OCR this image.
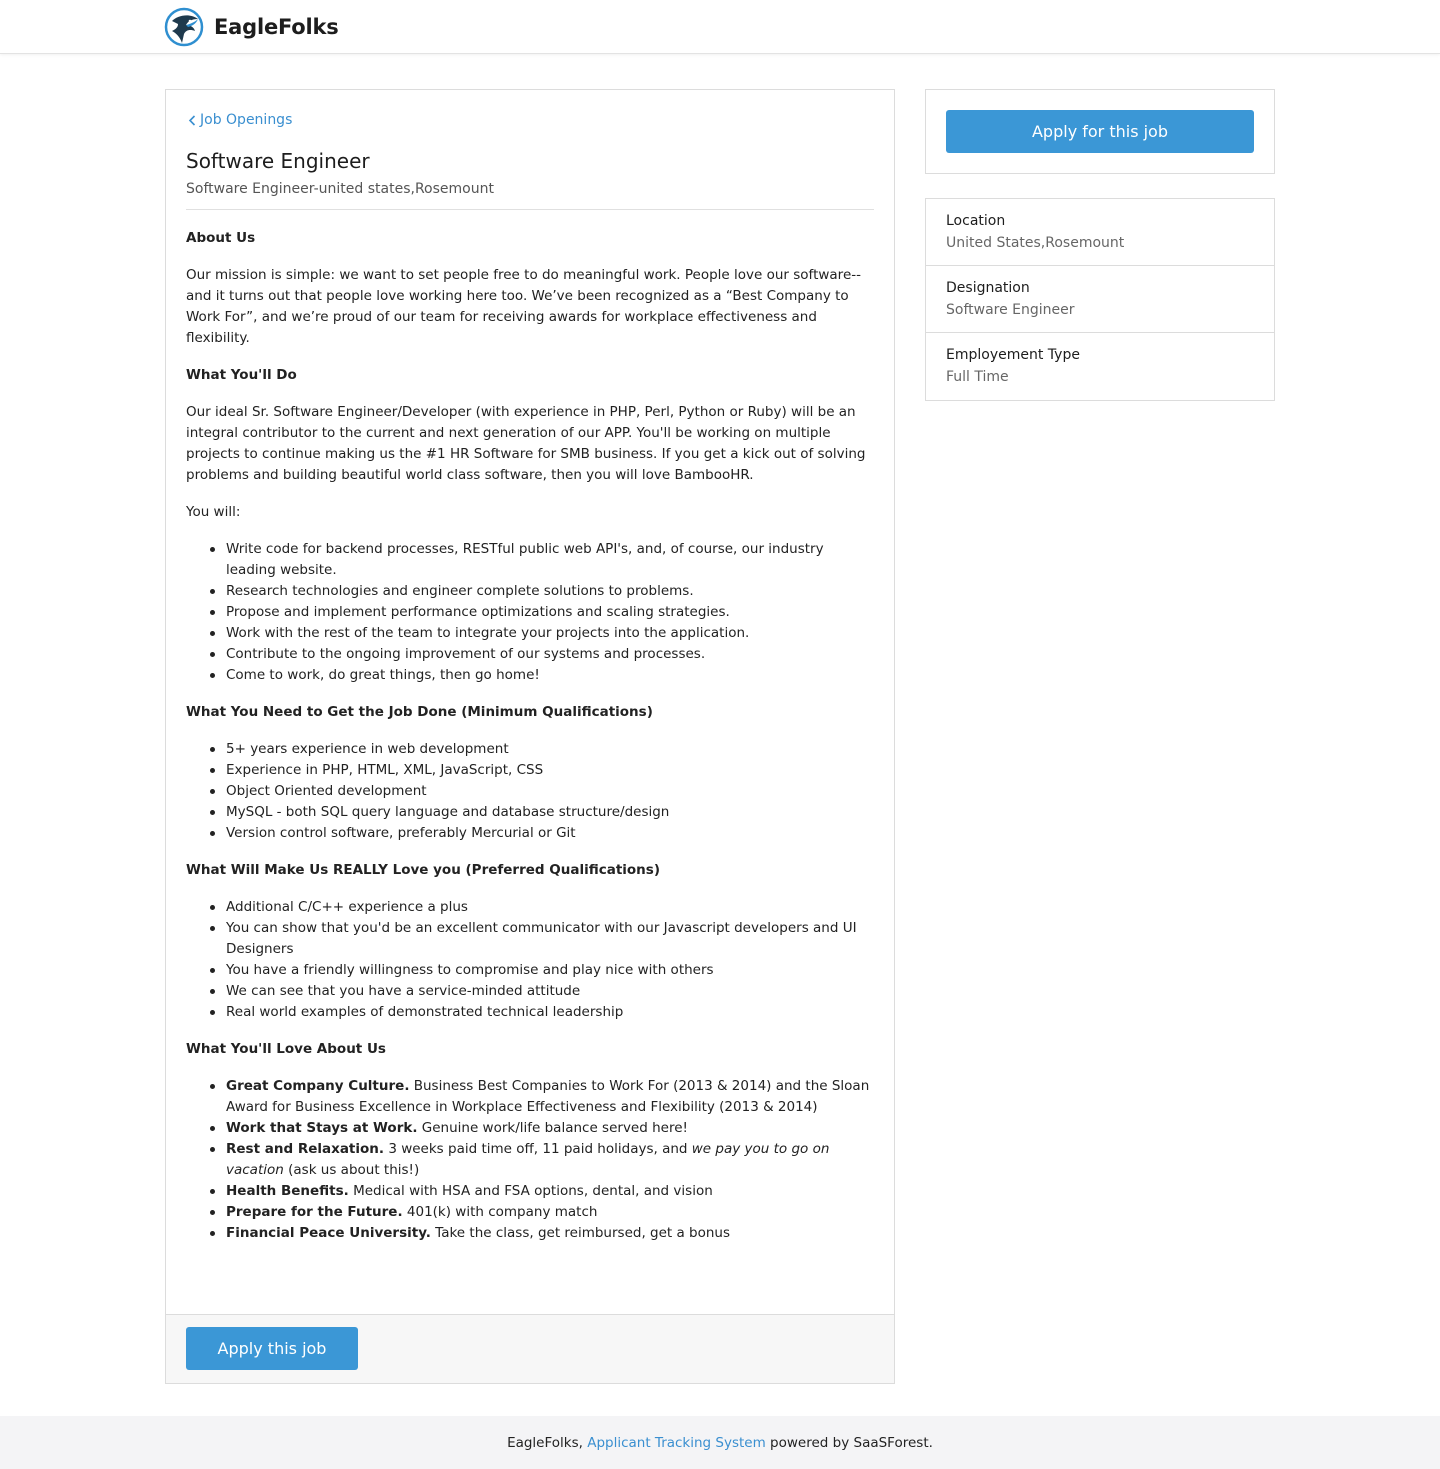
EagleFolks
Job Openings
Software Engineer
Software Engineer-united states,Rosemount
About Us

Our mission is simple: we want to set people free to do meaningful work. People love our software--and it turns out that people love working here too. We’ve been recognized as a “Best Company to Work For”, and we’re proud of our team for receiving awards for workplace effectiveness and flexibility.

What You'll Do

Our ideal Sr. Software Engineer/Developer (with experience in PHP, Perl, Python or Ruby) will be an integral contributor to the current and next generation of our APP. You'll be working on multiple projects to continue making us the #1 HR Software for SMB business. If you get a kick out of solving problems and building beautiful world class software, then you will love BambooHR.

You will:

Write code for backend processes, RESTful public web API's, and, of course, our industry leading website.
Research technologies and engineer complete solutions to problems.
Propose and implement performance optimizations and scaling strategies.
Work with the rest of the team to integrate your projects into the application.
Contribute to the ongoing improvement of our systems and processes.
Come to work, do great things, then go home!
What You Need to Get the Job Done (Minimum Qualifications)
5+ years experience in web development
Experience in PHP, HTML, XML, JavaScript, CSS
Object Oriented development
MySQL - both SQL query language and database structure/design
Version control software, preferably Mercurial or Git
What Will Make Us REALLY Love you (Preferred Qualifications)
Additional C/C++ experience a plus
You can show that you'd be an excellent communicator with our Javascript developers and UI Designers
You have a friendly willingness to compromise and play nice with others
We can see that you have a service-minded attitude
Real world examples of demonstrated technical leadership
What You'll Love About Us
Great Company Culture. Business Best Companies to Work For (2013 & 2014) and the Sloan Award for Business Excellence in Workplace Effectiveness and Flexibility (2013 & 2014)
Work that Stays at Work. Genuine work/life balance served here!
Rest and Relaxation. 3 weeks paid time off, 11 paid holidays, and we pay you to go on vacation (ask us about this!)
Health Benefits. Medical with HSA and FSA options, dental, and vision
Prepare for the Future. 401(k) with company match
Financial Peace University. Take the class, get reimbursed, get a bonus
Apply this job
Apply for this job
Location
United States,Rosemount
Designation
Software Engineer
Employement Type
Full Time
EagleFolks, Applicant Tracking System powered by SaaSForest.
